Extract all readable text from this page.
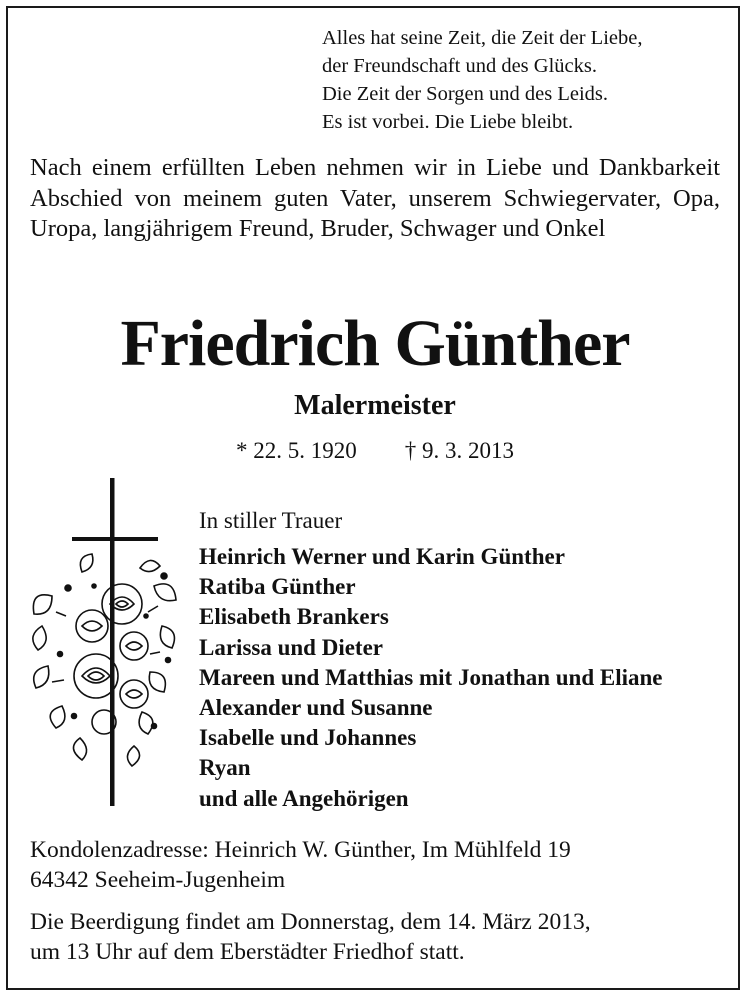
Alles hat seine Zeit, die Zeit der Liebe,
der Freundschaft und des Glücks.
Die Zeit der Sorgen und des Leids.
Es ist vorbei. Die Liebe bleibt.
Nach einem erfüllten Leben nehmen wir in Liebe und Dankbarkeit Abschied von meinem guten Vater, unserem Schwiegervater, Opa, Uropa, langjährigem Freund, Bruder, Schwager und Onkel
Friedrich Günther
Malermeister
* 22. 5. 1920 † 9. 3. 2013
In stiller Trauer
Heinrich Werner und Karin Günther
Ratiba Günther
Elisabeth Brankers
Larissa und Dieter
Mareen und Matthias mit Jonathan und Eliane
Alexander und Susanne
Isabelle und Johannes
Ryan
und alle Angehörigen
Kondolenzadresse: Heinrich W. Günther, Im Mühlfeld 19
64342 Seeheim-Jugenheim
Die Beerdigung findet am Donnerstag, dem 14. März 2013,
um 13 Uhr auf dem Eberstädter Friedhof statt.
